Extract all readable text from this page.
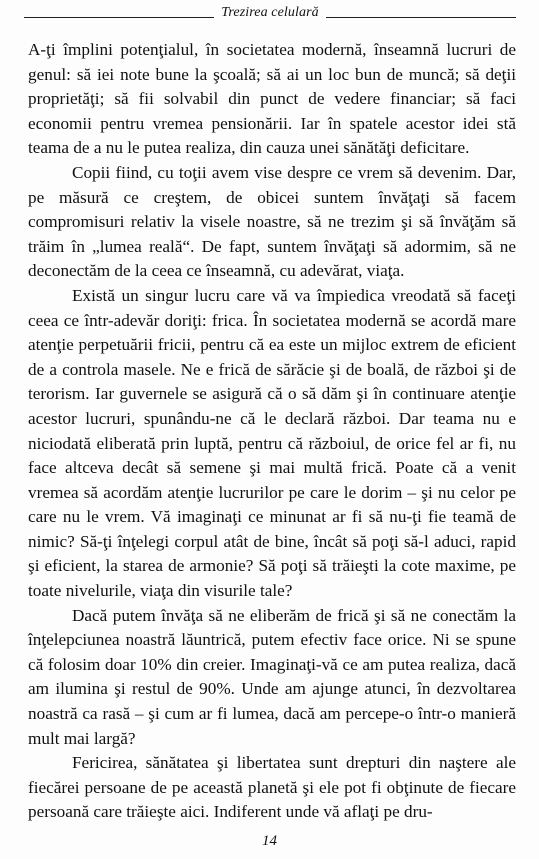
Trezirea celulară

A-ţi împlini potenţialul, în societatea modernă, înseamnă lucruri de genul: să iei note bune la şcoală; să ai un loc bun de muncă; să deţii proprietăţi; să fii solvabil din punct de vedere financiar; să faci economii pentru vremea pensionării. Iar în spatele acestor idei stă teama de a nu le putea realiza, din cauza unei sănătăţi deficitare.

Copii fiind, cu toţii avem vise despre ce vrem să devenim. Dar, pe măsură ce creştem, de obicei suntem învăţaţi să facem compromisuri relativ la visele noastre, să ne trezim şi să învăţăm să trăim în „lumea reală“. De fapt, suntem învăţaţi să adormim, să ne deconectăm de la ceea ce înseamnă, cu adevărat, viaţa.

Există un singur lucru care vă va împiedica vreodată să faceţi ceea ce într-adevăr doriţi: frica. În societatea modernă se acordă mare atenţie perpetuării fricii, pentru că ea este un mijloc extrem de eficient de a controla masele. Ne e frică de sărăcie şi de boală, de război şi de terorism. Iar guvernele se asigură că o să dăm şi în continuare atenţie acestor lucruri, spunându-ne că le declară război. Dar teama nu e niciodată eliberată prin luptă, pentru că războiul, de orice fel ar fi, nu face altceva decât să semene şi mai multă frică. Poate că a venit vremea să acordăm atenţie lucrurilor pe care le dorim – şi nu celor pe care nu le vrem. Vă imaginaţi ce minunat ar fi să nu-ţi fie teamă de nimic? Să-ţi înţelegi corpul atât de bine, încât să poţi să-l aduci, rapid şi eficient, la starea de armonie? Să poţi să trăieşti la cote maxime, pe toate nivelurile, viaţa din visurile tale?

Dacă putem învăţa să ne eliberăm de frică şi să ne conectăm la înţelepciunea noastră lăuntrică, putem efectiv face orice. Ni se spune că folosim doar 10% din creier. Imaginaţi-vă ce am putea realiza, dacă am ilumina şi restul de 90%. Unde am ajunge atunci, în dezvoltarea noastră ca rasă – şi cum ar fi lumea, dacă am percepe-o într-o manieră mult mai largă?

Fericirea, sănătatea şi libertatea sunt drepturi din naştere ale fiecărei persoane de pe această planetă şi ele pot fi obţinute de fiecare persoană care trăieşte aici. Indiferent unde vă aflaţi pe dru-

14
